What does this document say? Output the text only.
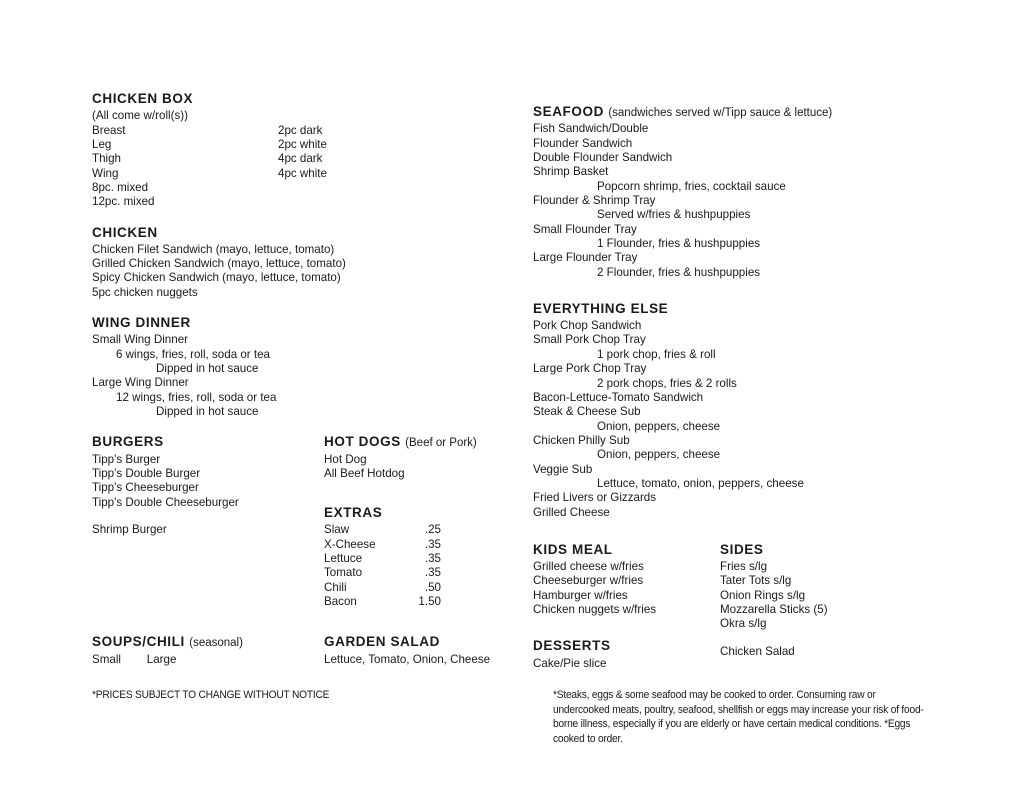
CHICKEN BOX
(All come w/roll(s))
Breast	2pc dark
Leg	2pc white
Thigh	4pc dark
Wing	4pc white
8pc. mixed
12pc. mixed
CHICKEN
Chicken Filet Sandwich (mayo, lettuce, tomato)
Grilled Chicken Sandwich (mayo, lettuce, tomato)
Spicy Chicken Sandwich (mayo, lettuce, tomato)
5pc chicken nuggets
WING DINNER
Small Wing Dinner
6 wings, fries, roll, soda or tea
Dipped in hot sauce
Large Wing Dinner
12 wings, fries, roll, soda or tea
Dipped in hot sauce
BURGERS
Tipp's Burger
Tipp's Double Burger
Tipp's Cheeseburger
Tipp's Double Cheeseburger
Shrimp Burger
HOT DOGS (Beef or Pork)
Hot Dog
All Beef Hotdog
EXTRAS
Slaw	.25
X-Cheese	.35
Lettuce	.35
Tomato	.35
Chili	.50
Bacon	1.50
SOUPS/CHILI (seasonal)
Small        Large
GARDEN SALAD
Lettuce, Tomato, Onion, Cheese
*PRICES SUBJECT TO CHANGE WITHOUT NOTICE
SEAFOOD (sandwiches served w/Tipp sauce & lettuce)
Fish Sandwich/Double
Flounder Sandwich
Double Flounder Sandwich
Shrimp Basket
Popcorn shrimp, fries, cocktail sauce
Flounder & Shrimp Tray
Served w/fries & hushpuppies
Small Flounder Tray
1 Flounder, fries & hushpuppies
Large Flounder Tray
2 Flounder, fries & hushpuppies
EVERYTHING ELSE
Pork Chop Sandwich
Small Pork Chop Tray
1 pork chop, fries & roll
Large Pork Chop Tray
2 pork chops, fries & 2 rolls
Bacon-Lettuce-Tomato Sandwich
Steak & Cheese Sub
Onion, peppers, cheese
Chicken Philly Sub
Onion, peppers, cheese
Veggie Sub
Lettuce, tomato, onion, peppers, cheese
Fried Livers or Gizzards
Grilled Cheese
KIDS MEAL
Grilled cheese w/fries
Cheeseburger w/fries
Hamburger w/fries
Chicken nuggets w/fries
DESSERTS
Cake/Pie slice
SIDES
Fries s/lg
Tater Tots s/lg
Onion Rings s/lg
Mozzarella Sticks (5)
Okra s/lg
Chicken Salad
*Steaks, eggs & some seafood may be cooked to order. Consuming raw or undercooked meats, poultry, seafood, shellfish or eggs may increase your risk of food-borne illness, especially if you are elderly or have certain medical conditions. *Eggs cooked to order.
